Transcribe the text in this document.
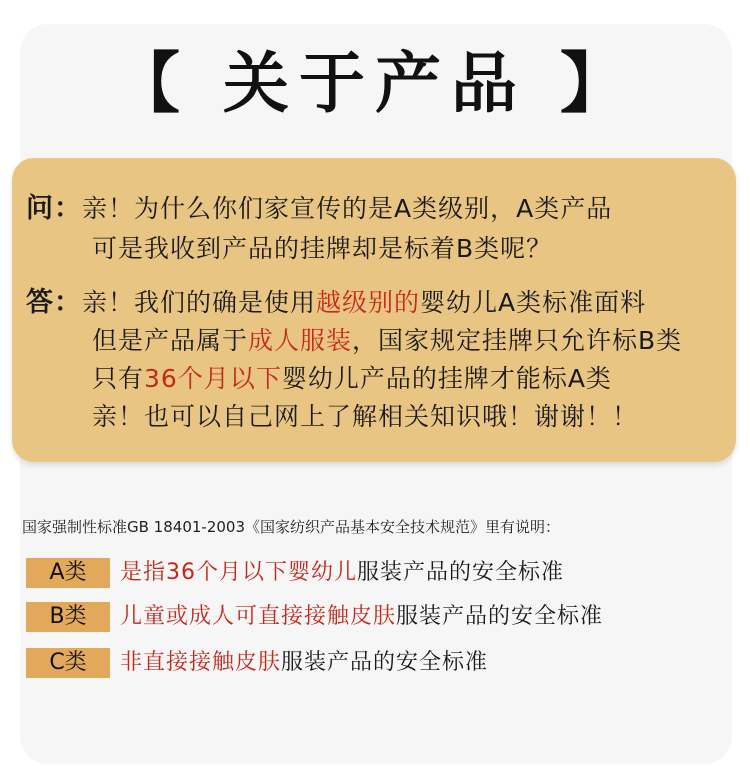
【 关于产品 】
问：亲！为什么你们家宣传的是A类级别，A类产品
可是我收到产品的挂牌却是标着B类呢？
答：亲！我们的确是使用越级别的婴幼儿A类标准面料
但是产品属于成人服装，国家规定挂牌只允许标B类
只有36个月以下婴幼儿产品的挂牌才能标A类
亲！也可以自己网上了解相关知识哦！谢谢！！
国家强制性标准GB 18401-2003《国家纺织产品基本安全技术规范》里有说明：
A类	是指36个月以下婴幼儿服装产品的安全标准
B类	儿童或成人可直接接触皮肤服装产品的安全标准
C类	非直接接触皮肤服装产品的安全标准
